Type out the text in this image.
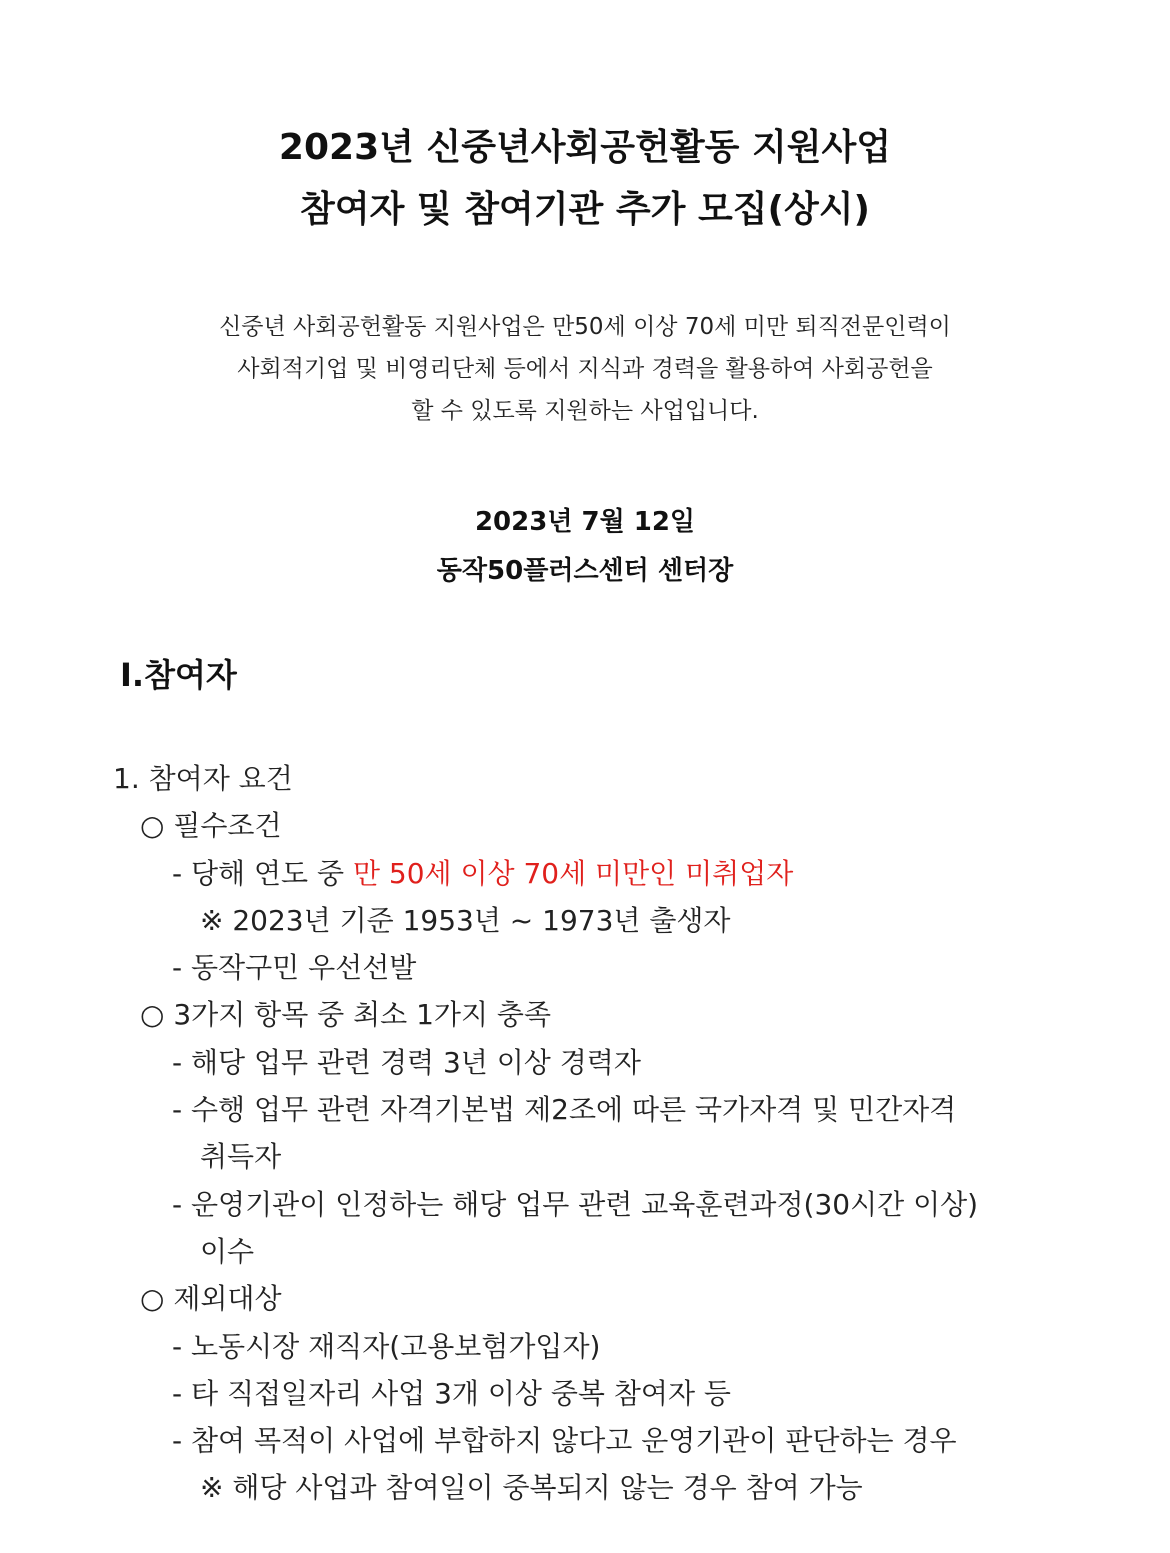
2023년 신중년사회공헌활동 지원사업
참여자 및 참여기관 추가 모집(상시)
신중년 사회공헌활동 지원사업은 만50세 이상 70세 미만 퇴직전문인력이
사회적기업 및 비영리단체 등에서 지식과 경력을 활용하여 사회공헌을
할 수 있도록 지원하는 사업입니다.
2023년 7월 12일
동작50플러스센터 센터장
Ⅰ.참여자
1. 참여자 요건
○ 필수조건
- 당해 연도 중 만 50세 이상 70세 미만인 미취업자
※ 2023년 기준 1953년 ~ 1973년 출생자
- 동작구민 우선선발
○ 3가지 항목 중 최소 1가지 충족
- 해당 업무 관련 경력 3년 이상 경력자
- 수행 업무 관련 자격기본법 제2조에 따른 국가자격 및 민간자격
취득자
- 운영기관이 인정하는 해당 업무 관련 교육훈련과정(30시간 이상)
이수
○ 제외대상
- 노동시장 재직자(고용보험가입자)
- 타 직접일자리 사업 3개 이상 중복 참여자 등
- 참여 목적이 사업에 부합하지 않다고 운영기관이 판단하는 경우
※ 해당 사업과 참여일이 중복되지 않는 경우 참여 가능
